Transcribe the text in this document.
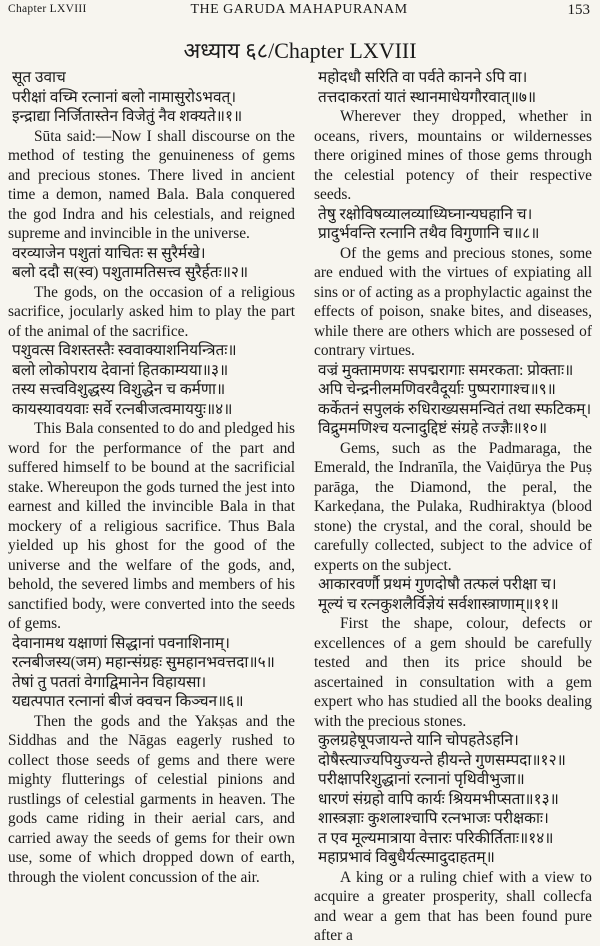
Chapter LXVIII	THE GARUDA MAHAPURANAM	153
अध्याय ६८/Chapter LXVIII
सूत उवाच
परीक्षां वच्मि रत्नानां बलो नामासुरोऽभवत्।
इन्द्राद्या निर्जितास्तेन विजेतुं नैव शक्यते॥१॥
Sūta said:—Now I shall discourse on the method of testing the genuineness of gems and precious stones. There lived in ancient time a demon, named Bala. Bala conquered the god Indra and his celestials, and reigned supreme and invincible in the universe.
वरव्याजेन पशुतां याचितः स सुरैर्मखे।
बलो ददौ स(स्व) पशुतामतिसत्त्व सुरैर्हतः॥२॥
The gods, on the occasion of a religious sacrifice, jocularly asked him to play the part of the animal of the sacrifice.
पशुवत्स विशस्तस्तैः स्ववाक्याशनियन्त्रितः॥
बलो लोकोपराय देवानां हितकाम्यया॥३॥
तस्य सत्त्वविशुद्धस्य विशुद्धेन च कर्मणा॥
कायस्यावयवाः सर्वे रत्नबीजत्वमाययुः॥४॥
This Bala consented to do and pledged his word for the performance of the part and suffered himself to be bound at the sacrificial stake. Whereupon the gods turned the jest into earnest and killed the invincible Bala in that mockery of a religious sacrifice. Thus Bala yielded up his ghost for the good of the universe and the welfare of the gods, and, behold, the severed limbs and members of his sanctified body, were converted into the seeds of gems.
देवानामथ यक्षाणां सिद्धानां पवनाशिनाम्।
रत्नबीजस्य(जम) महान्संग्रहः सुमहानभवत्तदा॥५॥
तेषां तु पततां वेगाद्विमानेन विहायसा।
यद्यत्पपात रत्नानां बीजं क्वचन किञ्चन॥६॥
Then the gods and the Yakṣas and the Siddhas and the Nāgas eagerly rushed to collect those seeds of gems and there were mighty flutterings of celestial pinions and rustlings of celestial garments in heaven. The gods came riding in their aerial cars, and carried away the seeds of gems for their own use, some of which dropped down of earth, through the violent concussion of the air.
महोदधौ सरिति वा पर्वते कानने ऽपि वा।
तत्तदाकरतां यातं स्थानमाधेयगौरवात्॥७॥
Wherever they dropped, whether in oceans, rivers, mountains or wildernesses there origined mines of those gems through the celestial potency of their respective seeds.
तेषु रक्षोविषव्यालव्याध्यिघ्नान्यघहानि च।
प्रादुर्भवन्ति रत्नानि तथैव विगुणानि च॥८॥
Of the gems and precious stones, some are endued with the virtues of expiating all sins or of acting as a prophylactic against the effects of poison, snake bites, and diseases, while there are others which are possesed of contrary virtues.
वज्रं मुक्तामणयः सपद्मरागाः समरकता: प्रोक्ताः॥
अपि चेन्द्रनीलमणिवरवैदूर्याः पुष्परागाश्च॥९॥
कर्केतनं सपुलकं रुधिराख्यसमन्वितं तथा स्फटिकम्।
विद्रुममणिश्च यत्नादुद्दिष्टं संग्रहे तज्ज्ञैः॥१०॥
Gems, such as the Padmaraga, the Emerald, the Indranīla, the Vaiḍūrya the Puṣ parāga, the Diamond, the peral, the Karkeḍana, the Pulaka, Rudhiraktya (blood stone) the crystal, and the coral, should be carefully collected, subject to the advice of experts on the subject.
आकारवर्णौ प्रथमं गुणदोषौ तत्फलं परीक्षा च।
मूल्यं च रत्नकुशलैर्विज्ञेयं सर्वशास्त्राणाम्॥११॥
First the shape, colour, defects or excellences of a gem should be carefully tested and then its price should be ascertained in consultation with a gem expert who has studied all the books dealing with the precious stones.
कुलग्रहेषूपजायन्ते यानि चोपहतेऽहनि।
दोषैस्त्याज्यपियुज्यन्ते हीयन्ते गुणसम्पदा॥१२॥
परीक्षापरिशुद्धानां रत्नानां पृथिवीभुजा॥
धारणं संग्रहो वापि कार्यः श्रियमभीप्सता॥१३॥
शास्त्रज्ञाः कुशलाश्चापि रत्नभाजः परीक्षकाः।
त एव मूल्यमात्राया वेत्तारः परिकीर्तिताः॥१४॥
महाप्रभावं विबुधैर्यत्स्मादुदाहतम्॥
A king or a ruling chief with a view to acquire a greater prosperity, shall collecfa and wear a gem that has been found pure after a
